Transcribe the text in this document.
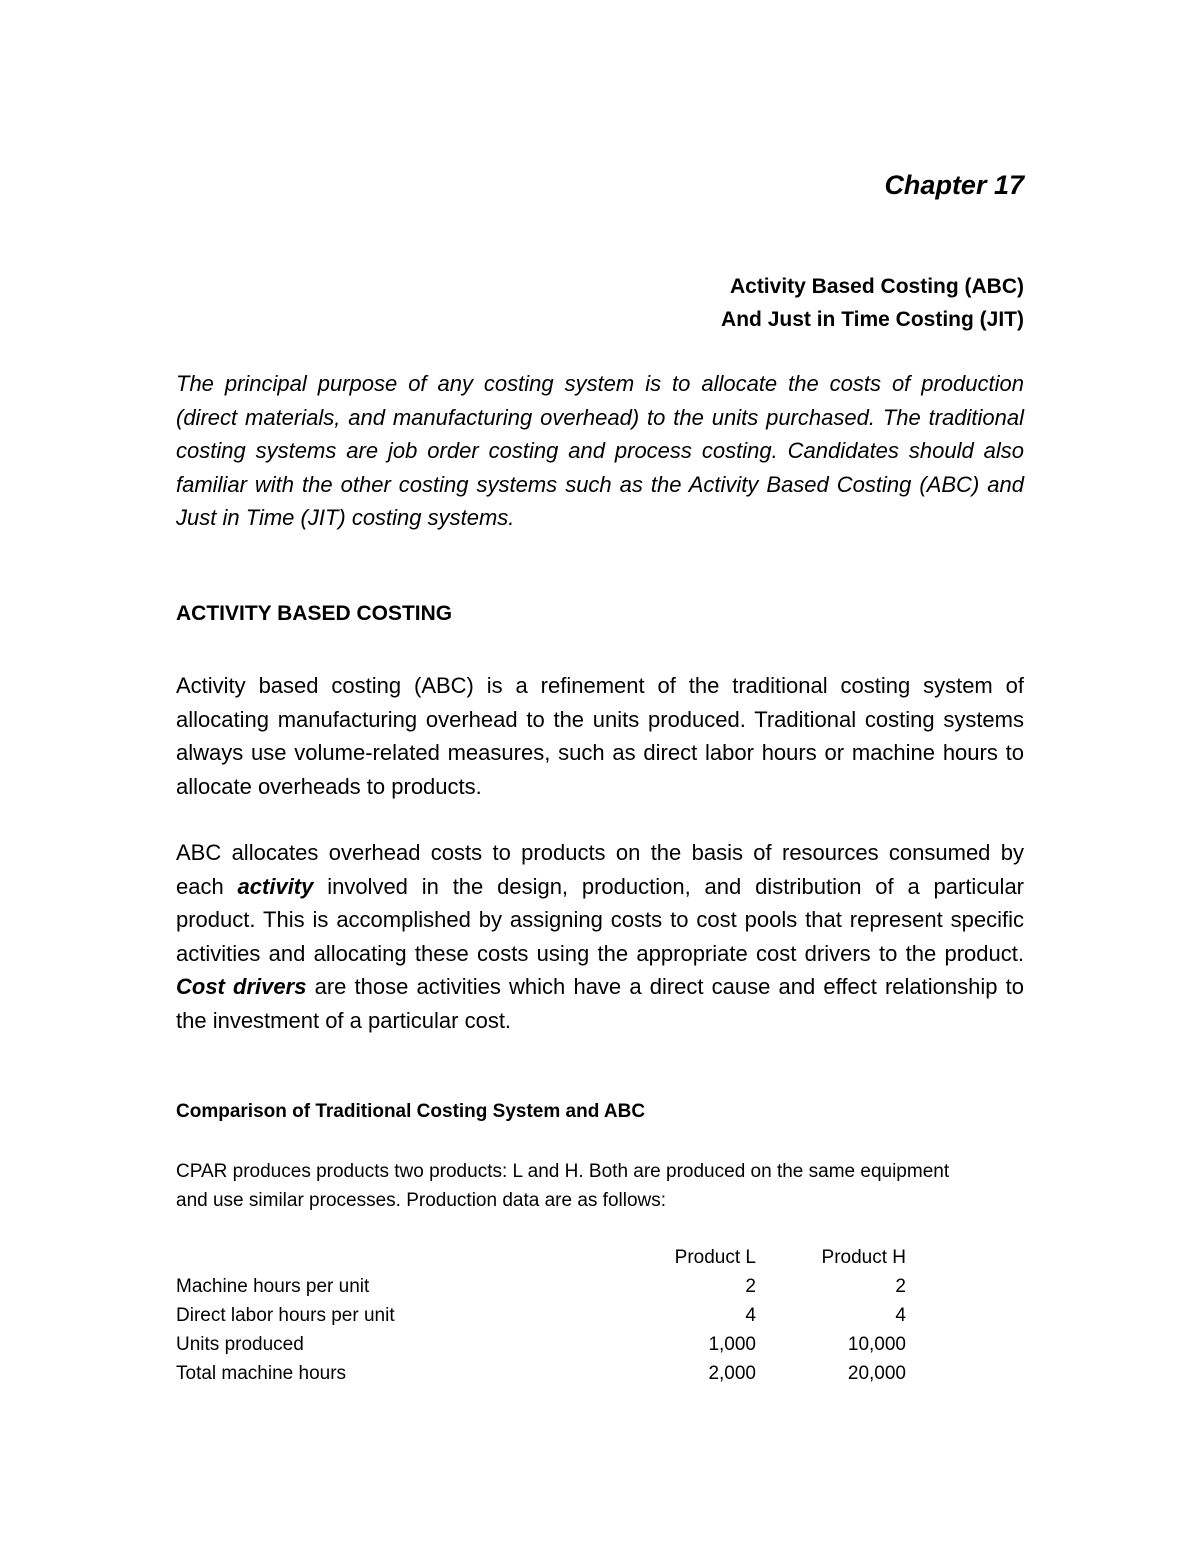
Chapter 17
Activity Based Costing (ABC)
And Just in Time Costing (JIT)

The principal purpose of any costing system is to allocate the costs of production (direct materials, and manufacturing overhead) to the units purchased. The traditional costing systems are job order costing and process costing. Candidates should also familiar with the other costing systems such as the Activity Based Costing (ABC) and Just in Time (JIT) costing systems.

ACTIVITY BASED COSTING

Activity based costing (ABC) is a refinement of the traditional costing system of allocating manufacturing overhead to the units produced. Traditional costing systems always use volume-related measures, such as direct labor hours or machine hours to allocate overheads to products.

ABC allocates overhead costs to products on the basis of resources consumed by each activity involved in the design, production, and distribution of a particular product. This is accomplished by assigning costs to cost pools that represent specific activities and allocating these costs using the appropriate cost drivers to the product. Cost drivers are those activities which have a direct cause and effect relationship to the investment of a particular cost.

Comparison of Traditional Costing System and ABC

CPAR produces products two products: L and H. Both are produced on the same equipment and use similar processes. Production data are as follows:

	Product L	Product H
Machine hours per unit	2	2
Direct labor hours per unit	4	4
Units produced	1,000	10,000
Total machine hours	2,000	20,000
